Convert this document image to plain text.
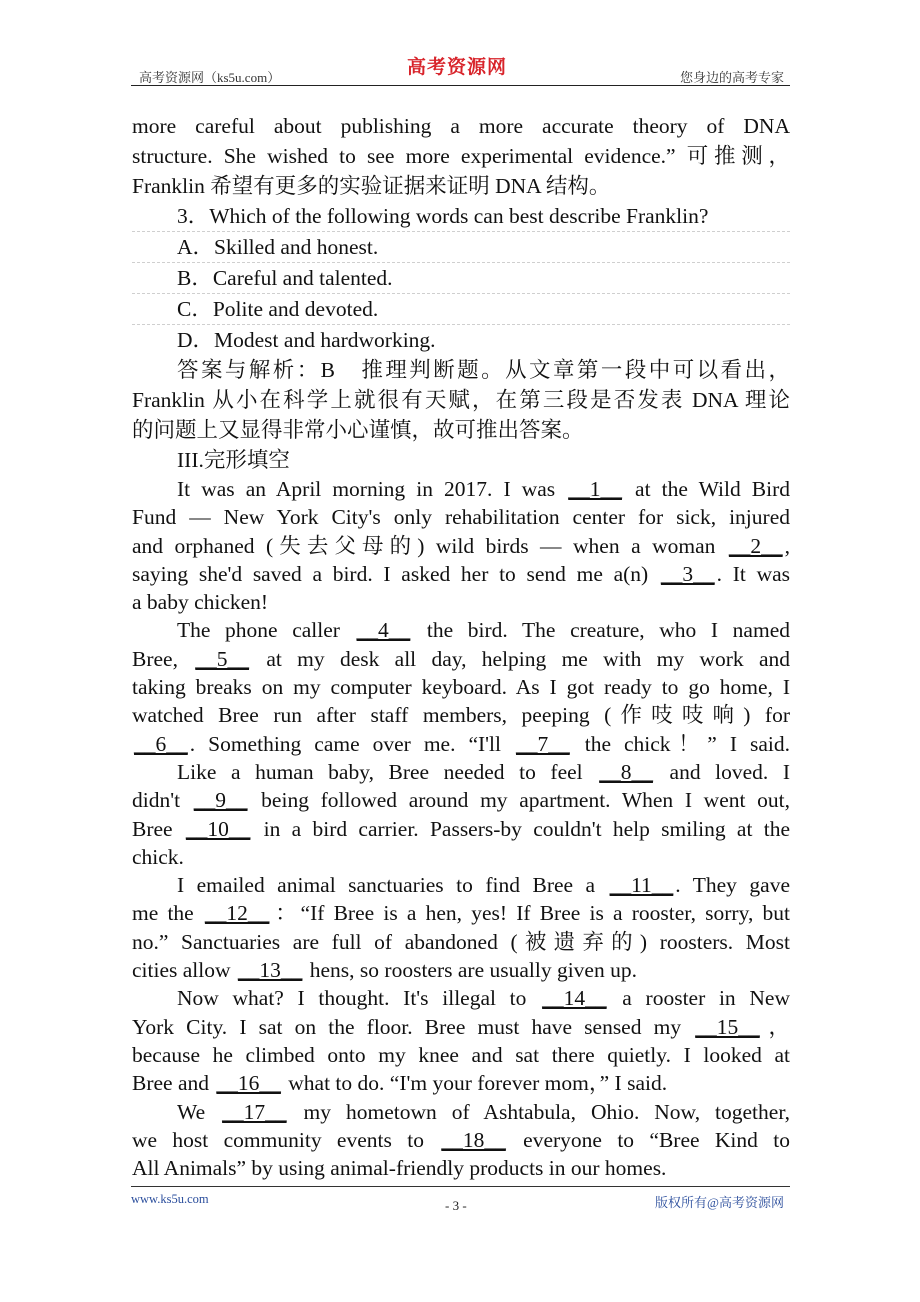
高考资源网（ks5u.com）	高考资源网	您身边的高考专家
more careful about publishing a more accurate theory of DNA
structure. She wished to see more experimental evidence.” 可推测，
Franklin 希望有更多的实验证据来证明 DNA 结构。
3．Which of the following words can best describe Franklin?
A．Skilled and honest.
B．Careful and talented.
C．Polite and devoted.
D．Modest and hardworking.
答案与解析：B　推理判断题。从文章第一段中可以看出，
Franklin 从小在科学上就很有天赋，在第三段是否发表 DNA 理论
的问题上又显得非常小心谨慎，故可推出答案。
III.完形填空
It was an April morning in 2017. I was __1__ at the Wild Bird
Fund — New York City's only rehabilitation center for sick, injured
and orphaned (失去父母的) wild birds — when a woman __2__,
saying she'd saved a bird. I asked her to send me a(n) __3__. It was
a baby chicken!
The phone caller __4__ the bird. The creature, who I named
Bree, __5__ at my desk all day, helping me with my work and
taking breaks on my computer keyboard. As I got ready to go home, I
watched Bree run after staff members, peeping (作吱吱响) for
__6__. Something came over me. “I'll __7__ the chick！” I said.
Like a human baby, Bree needed to feel __8__ and loved. I
didn't __9__ being followed around my apartment. When I went out,
Bree __10__ in a bird carrier. Passers-by couldn't help smiling at the
chick.
I emailed animal sanctuaries to find Bree a __11__. They gave
me the __12__：“If Bree is a hen, yes! If Bree is a rooster, sorry, but
no.” Sanctuaries are full of abandoned (被遗弃的) roosters. Most
cities allow __13__ hens, so roosters are usually given up.
Now what? I thought. It's illegal to __14__ a rooster in New
York City. I sat on the floor. Bree must have sensed my __15__，
because he climbed onto my knee and sat there quietly. I looked at
Bree and __16__ what to do. “I'm your forever mom，” I said.
We __17__ my hometown of Ashtabula, Ohio. Now, together,
we host community events to __18__ everyone to “Bree Kind to
All Animals” by using animal-friendly products in our homes.
www.ks5u.com	- 3 -	版权所有@高考资源网
